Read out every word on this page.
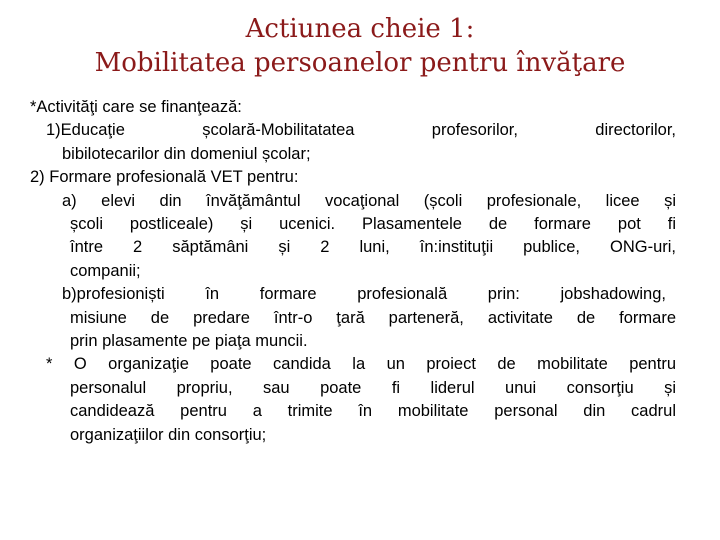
Actiunea cheie 1:
Mobilitatea persoanelor pentru învăţare
*Activităţi care se finanţează:
1)Educaţie școlară-Mobilitatatea profesorilor, directorilor,
bibilotecarilor din domeniul școlar;
2) Formare profesională VET pentru:
a) elevi din învăţământul vocaţional (școli profesionale, licee și
școli postliceale) și ucenici. Plasamentele de formare pot fi
între 2 săptămâni și 2 luni, în:instituţii publice, ONG-uri,
companii;
b)profesioniști în formare profesională prin: jobshadowing,
misiune de predare într-o ţară parteneră, activitate de formare
prin plasamente pe piaţa muncii.
* O organizaţie poate candida la un proiect de mobilitate pentru
personalul propriu, sau poate fi liderul unui consorţiu și
candidează pentru a trimite în mobilitate personal din cadrul
organizaţiilor din consorţiu;
